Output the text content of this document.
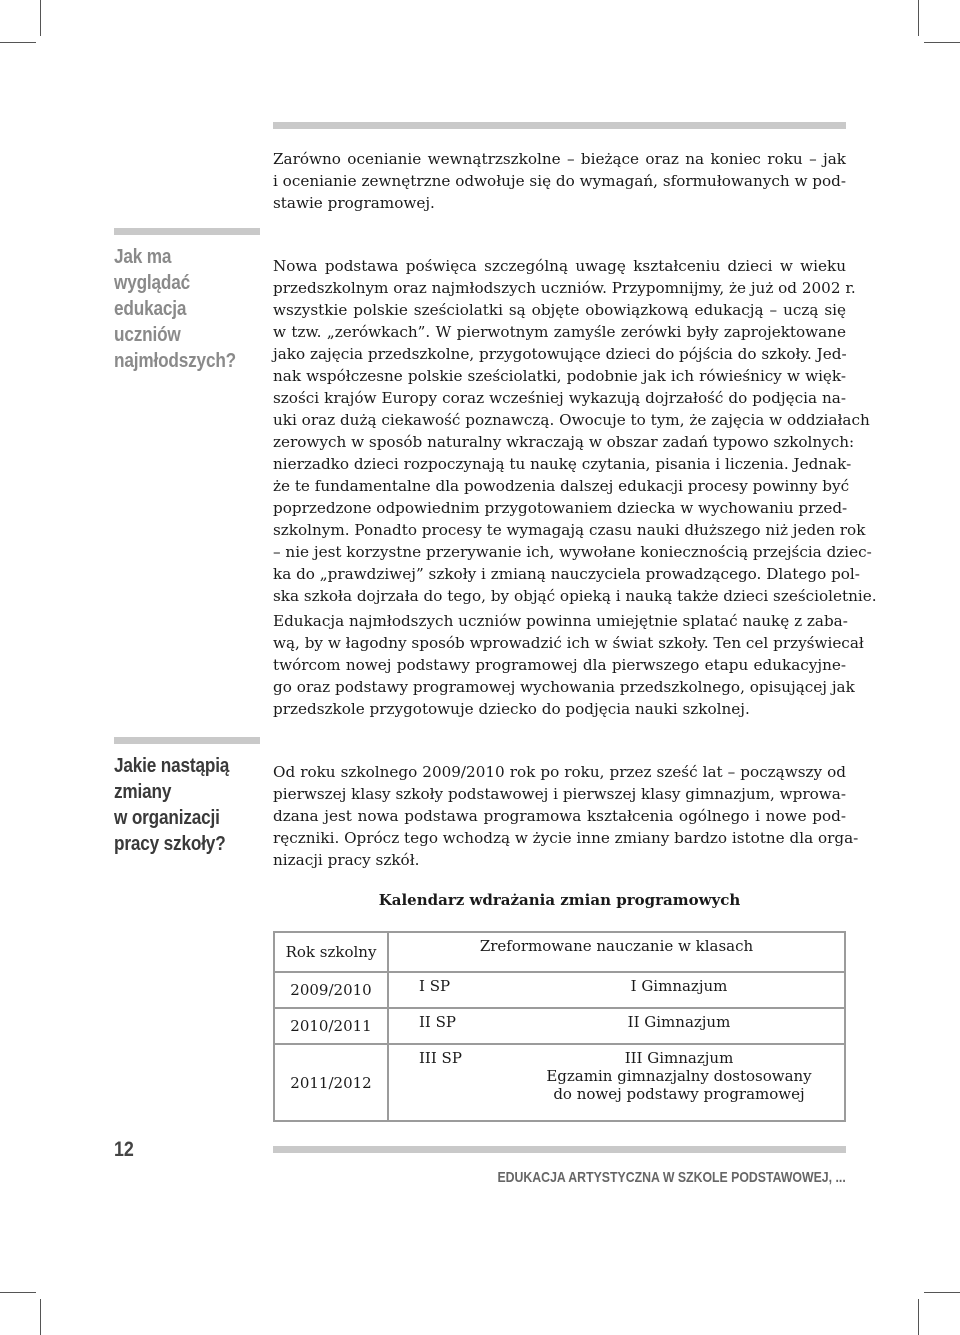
Jak ma wyglądać
edukacja
uczniów
najmłodszych?
Jakie nastąpią
zmiany
w organizacji
pracy szkoły?
Zarówno ocenianie wewnątrzszkolne – bieżące oraz na koniec roku – jak
i ocenianie zewnętrzne odwołuje się do wymagań, sformułowanych w pod-
stawie programowej.
Nowa podstawa poświęca szczególną uwagę kształceniu dzieci w wieku
przedszkolnym oraz najmłodszych uczniów. Przypomnijmy, że już od 2002 r.
wszystkie polskie sześciolatki są objęte obowiązkową edukacją – uczą się
w tzw. „zerówkach”. W pierwotnym zamyśle zerówki były zaprojektowane
jako zajęcia przedszkolne, przygotowujące dzieci do pójścia do szkoły. Jed-
nak współczesne polskie sześciolatki, podobnie jak ich rówieśnicy w więk-
szości krajów Europy coraz wcześniej wykazują dojrzałość do podjęcia na-
uki oraz dużą ciekawość poznawczą. Owocuje to tym, że zajęcia w oddziałach
zerowych w sposób naturalny wkraczają w obszar zadań typowo szkolnych:
nierzadko dzieci rozpoczynają tu naukę czytania, pisania i liczenia. Jednak-
że te fundamentalne dla powodzenia dalszej edukacji procesy powinny być
poprzedzone odpowiednim przygotowaniem dziecka w wychowaniu przed-
szkolnym. Ponadto procesy te wymagają czasu nauki dłuższego niż jeden rok
– nie jest korzystne przerywanie ich, wywołane koniecznością przejścia dziec-
ka do „prawdziwej” szkoły i zmianą nauczyciela prowadzącego. Dlatego pol-
ska szkoła dojrzała do tego, by objąć opieką i nauką także dzieci sześcioletnie.
Edukacja najmłodszych uczniów powinna umiejętnie splatać naukę z zaba-
wą, by w łagodny sposób wprowadzić ich w świat szkoły. Ten cel przyświecał
twórcom nowej podstawy programowej dla pierwszego etapu edukacyjne-
go oraz podstawy programowej wychowania przedszkolnego, opisującej jak
przedszkole przygotowuje dziecko do podjęcia nauki szkolnej.
Od roku szkolnego 2009/2010 rok po roku, przez sześć lat – począwszy od
pierwszej klasy szkoły podstawowej i pierwszej klasy gimnazjum, wprowa-
dzana jest nowa podstawa programowa kształcenia ogólnego i nowe pod-
ręczniki. Oprócz tego wchodzą w życie inne zmiany bardzo istotne dla orga-
nizacji pracy szkół.
Kalendarz wdrażania zmian programowych
Rok szkolny	Zreformowane nauczanie w klasach	
2009/2010	I SP	I Gimnazjum
2010/2011	II SP	II Gimnazjum
2011/2012	III SP	III Gimnazjum
Egzamin gimnazjalny dostosowany
do nowej podstawy programowej
12
EDUKACJA ARTYSTYCZNA W SZKOLE PODSTAWOWEJ, ...
